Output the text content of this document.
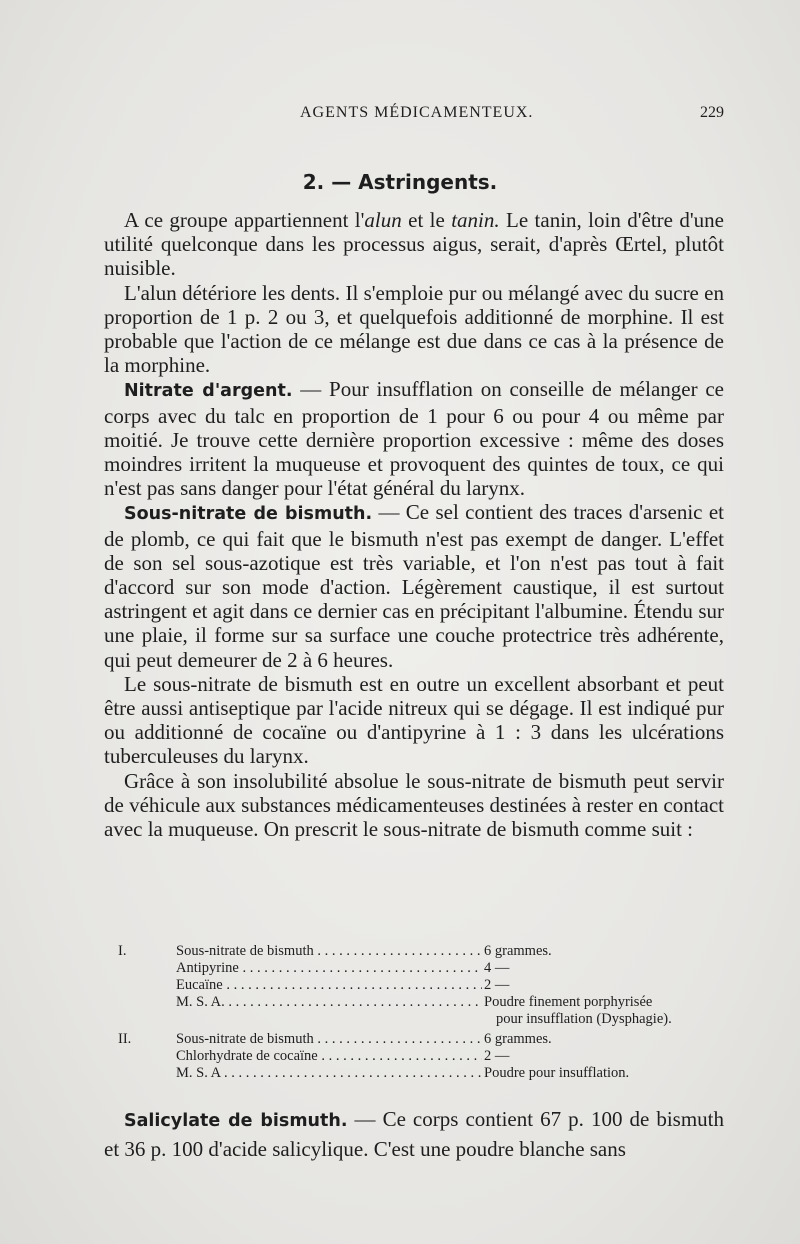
AGENTS MÉDICAMENTEUX.	229
2. — Astringents.

A ce groupe appartiennent l'alun et le tanin. Le tanin, loin d'être d'une utilité quelconque dans les processus aigus, serait, d'après Œrtel, plutôt nuisible.

L'alun détériore les dents. Il s'emploie pur ou mélangé avec du sucre en proportion de 1 p. 2 ou 3, et quelquefois additionné de morphine. Il est probable que l'action de ce mélange est due dans ce cas à la présence de la morphine.

Nitrate d'argent. — Pour insufflation on conseille de mélanger ce corps avec du talc en proportion de 1 pour 6 ou pour 4 ou même par moitié. Je trouve cette dernière proportion excessive : même des doses moindres irritent la muqueuse et provoquent des quintes de toux, ce qui n'est pas sans danger pour l'état général du larynx.

Sous-nitrate de bismuth. — Ce sel contient des traces d'arsenic et de plomb, ce qui fait que le bismuth n'est pas exempt de danger. L'effet de son sel sous-azotique est très variable, et l'on n'est pas tout à fait d'accord sur son mode d'action. Légèrement caustique, il est surtout astringent et agit dans ce dernier cas en précipitant l'albumine. Étendu sur une plaie, il forme sur sa surface une couche protectrice très adhérente, qui peut demeurer de 2 à 6 heures.

Le sous-nitrate de bismuth est en outre un excellent absorbant et peut être aussi antiseptique par l'acide nitreux qui se dégage. Il est indiqué pur ou additionné de cocaïne ou d'antipyrine à 1 : 3 dans les ulcérations tuberculeuses du larynx.

Grâce à son insolubilité absolue le sous-nitrate de bismuth peut servir de véhicule aux substances médicamenteuses destinées à rester en contact avec la muqueuse. On prescrit le sous-nitrate de bismuth comme suit :

I.	Sous-nitrate de bismuth . . .	6 grammes.
Antipyrine . . .	4 —
Eucaïne . . .	2 —
M. S. A. . . .	Poudre finement porphyrisée
pour insufflation (Dysphagie).
II.	Sous-nitrate de bismuth . . .	6 grammes.
Chlorhydrate de cocaïne . . .	2 —
M. S. A . . .	Poudre pour insufflation.

Salicylate de bismuth. — Ce corps contient 67 p. 100 de bismuth et 36 p. 100 d'acide salicylique. C'est une poudre blanche sans
